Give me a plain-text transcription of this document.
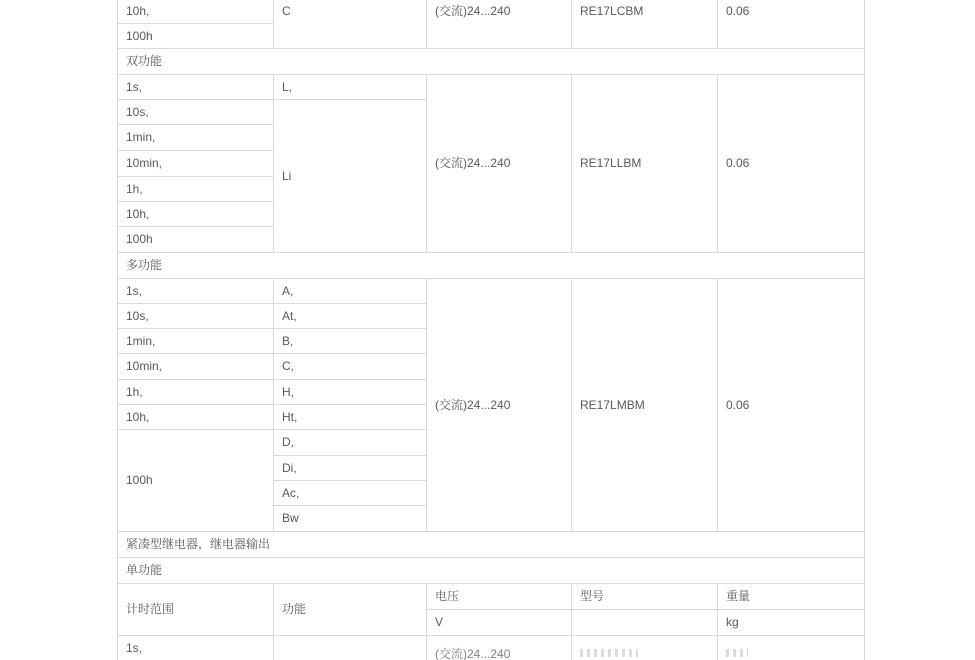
10h,	C	(交流)24...240	RE17LCBM	0.06
100h				
双功能				
1s,	L,	(交流)24...240	RE17LLBM	0.06
10s,	Li			
1min,				
10min,				
1h,				
10h,				
100h				
多功能				
1s,	A,	(交流)24...240	RE17LMBM	0.06
10s,	At,			
1min,	B,			
10min,	C,			
1h,	H,			
10h,	Ht,			
100h	D,			
	Di,			
	Ac,			
	Bw			
紧凑型继电器，继电器输出				
单功能				
计时范围	功能	电压	型号	重量
		V		kg
1s,		(交流)24...240		
